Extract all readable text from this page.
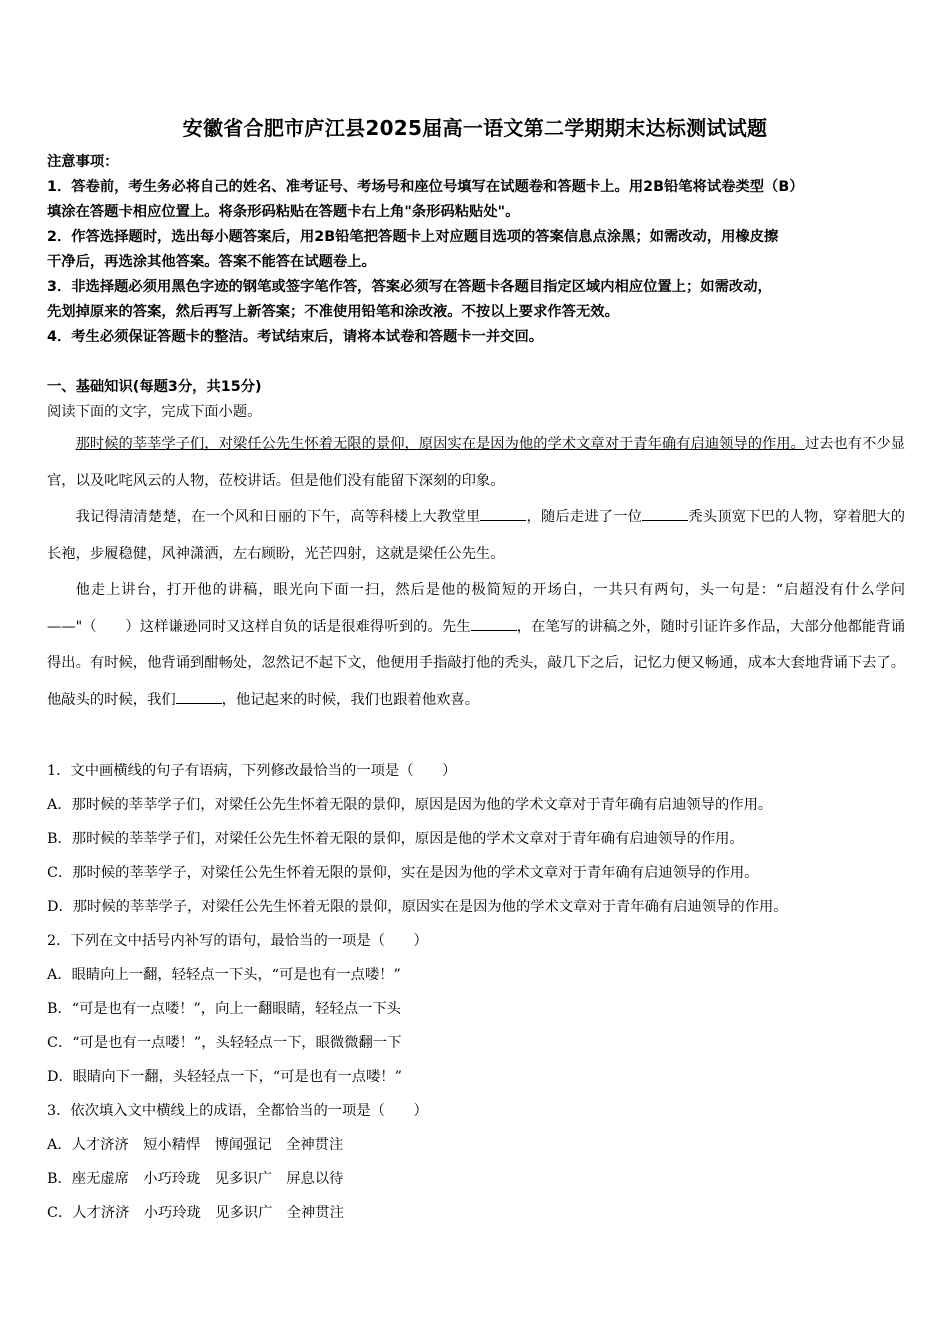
安徽省合肥市庐江县2025届高一语文第二学期期末达标测试试题
注意事项：
1．答卷前，考生务必将自己的姓名、准考证号、考场号和座位号填写在试题卷和答题卡上。用2B铅笔将试卷类型（B）
填涂在答题卡相应位置上。将条形码粘贴在答题卡右上角"条形码粘贴处"。
2．作答选择题时，选出每小题答案后，用2B铅笔把答题卡上对应题目选项的答案信息点涂黑；如需改动，用橡皮擦
干净后，再选涂其他答案。答案不能答在试题卷上。
3．非选择题必须用黑色字迹的钢笔或签字笔作答，答案必须写在答题卡各题目指定区域内相应位置上；如需改动，
先划掉原来的答案，然后再写上新答案；不准使用铅笔和涂改液。不按以上要求作答无效。
4．考生必须保证答题卡的整洁。考试结束后，请将本试卷和答题卡一并交回。
一、基础知识(每题3分，共15分)
阅读下面的文字，完成下面小题。

那时候的莘莘学子们，对梁任公先生怀着无限的景仰，原因实在是因为他的学术文章对于青年确有启迪领导的作用。过去也有不少显官，以及叱咤风云的人物，莅校讲话。但是他们没有能留下深刻的印象。

我记得清清楚楚，在一个风和日丽的下午，高等科楼上大教堂里	，随后走进了一位	秃头顶宽下巴的人物，穿着肥大的长袍，步履稳健，风神潇洒，左右顾盼，光芒四射，这就是梁任公先生。

他走上讲台，打开他的讲稿，眼光向下面一扫，然后是他的极简短的开场白，一共只有两句，头一句是：“启超没有什么学问——"（　　）这样谦逊同时又这样自负的话是很难得听到的。先生	，在笔写的讲稿之外，随时引证许多作品，大部分他都能背诵得出。有时候，他背诵到酣畅处，忽然记不起下文，他便用手指敲打他的秃头，敲几下之后，记忆力便又畅通，成本大套地背诵下去了。他敲头的时候，我们	，他记起来的时候，我们也跟着他欢喜。

1．文中画横线的句子有语病，下列修改最恰当的一项是（　　）
A．那时候的莘莘学子们，对梁任公先生怀着无限的景仰，原因是因为他的学术文章对于青年确有启迪领导的作用。
B．那时候的莘莘学子们，对梁任公先生怀着无限的景仰，原因是他的学术文章对于青年确有启迪领导的作用。
C．那时候的莘莘学子，对梁任公先生怀着无限的景仰，实在是因为他的学术文章对于青年确有启迪领导的作用。
D．那时候的莘莘学子，对梁任公先生怀着无限的景仰，原因实在是因为他的学术文章对于青年确有启迪领导的作用。
2．下列在文中括号内补写的语句，最恰当的一项是（　　）
A．眼睛向上一翻，轻轻点一下头，“可是也有一点喽！”
B．“可是也有一点喽！”，向上一翻眼睛，轻轻点一下头
C．“可是也有一点喽！”，头轻轻点一下，眼微微翻一下
D．眼睛向下一翻，头轻轻点一下，“可是也有一点喽！”
3．依次填入文中横线上的成语，全都恰当的一项是（　　）
A．人才济济　短小精悍　博闻强记　全神贯注
B．座无虚席　小巧玲珑　见多识广　屏息以待
C．人才济济　小巧玲珑　见多识广　全神贯注
